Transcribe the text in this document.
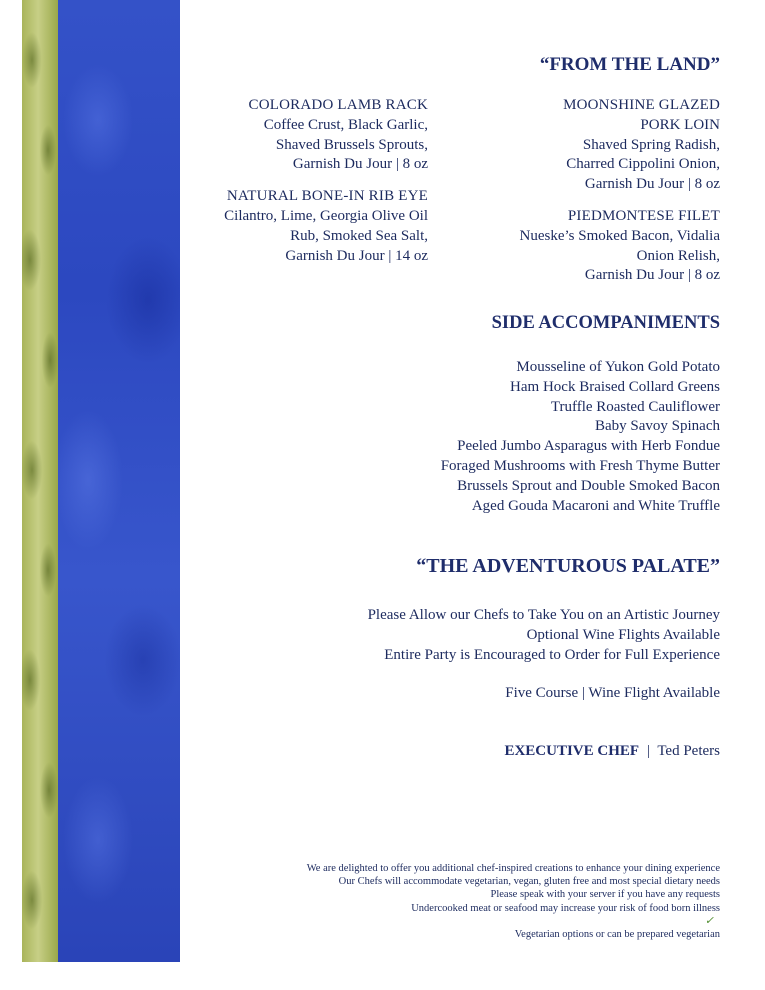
“FROM THE LAND”
COLORADO LAMB RACK
Coffee Crust, Black Garlic,
Shaved Brussels Sprouts,
Garnish Du Jour | 8 oz
NATURAL BONE-IN RIB EYE
Cilantro, Lime, Georgia Olive Oil
Rub, Smoked Sea Salt,
Garnish Du Jour | 14 oz
MOONSHINE GLAZED
PORK LOIN
Shaved Spring Radish,
Charred Cippolini Onion,
Garnish Du Jour | 8 oz
PIEDMONTESE FILET
Nueske’s Smoked Bacon, Vidalia
Onion Relish,
Garnish Du Jour | 8 oz
SIDE ACCOMPANIMENTS
Mousseline of Yukon Gold Potato
Ham Hock Braised Collard Greens
Truffle Roasted Cauliflower
Baby Savoy Spinach
Peeled Jumbo Asparagus with Herb Fondue
Foraged Mushrooms with Fresh Thyme Butter
Brussels Sprout and Double Smoked Bacon
Aged Gouda Macaroni and White Truffle
“THE ADVENTUROUS PALATE”
Please Allow our Chefs to Take You on an Artistic Journey
Optional Wine Flights Available
Entire Party is Encouraged to Order for Full Experience
Five Course | Wine Flight Available
EXECUTIVE CHEF | Ted Peters
We are delighted to offer you additional chef-inspired creations to enhance your dining experience
Our Chefs will accommodate vegetarian, vegan, gluten free and most special dietary needs
Please speak with your server if you have any requests
Undercooked meat or seafood may increase your risk of food born illness
✓
Vegetarian options or can be prepared vegetarian
